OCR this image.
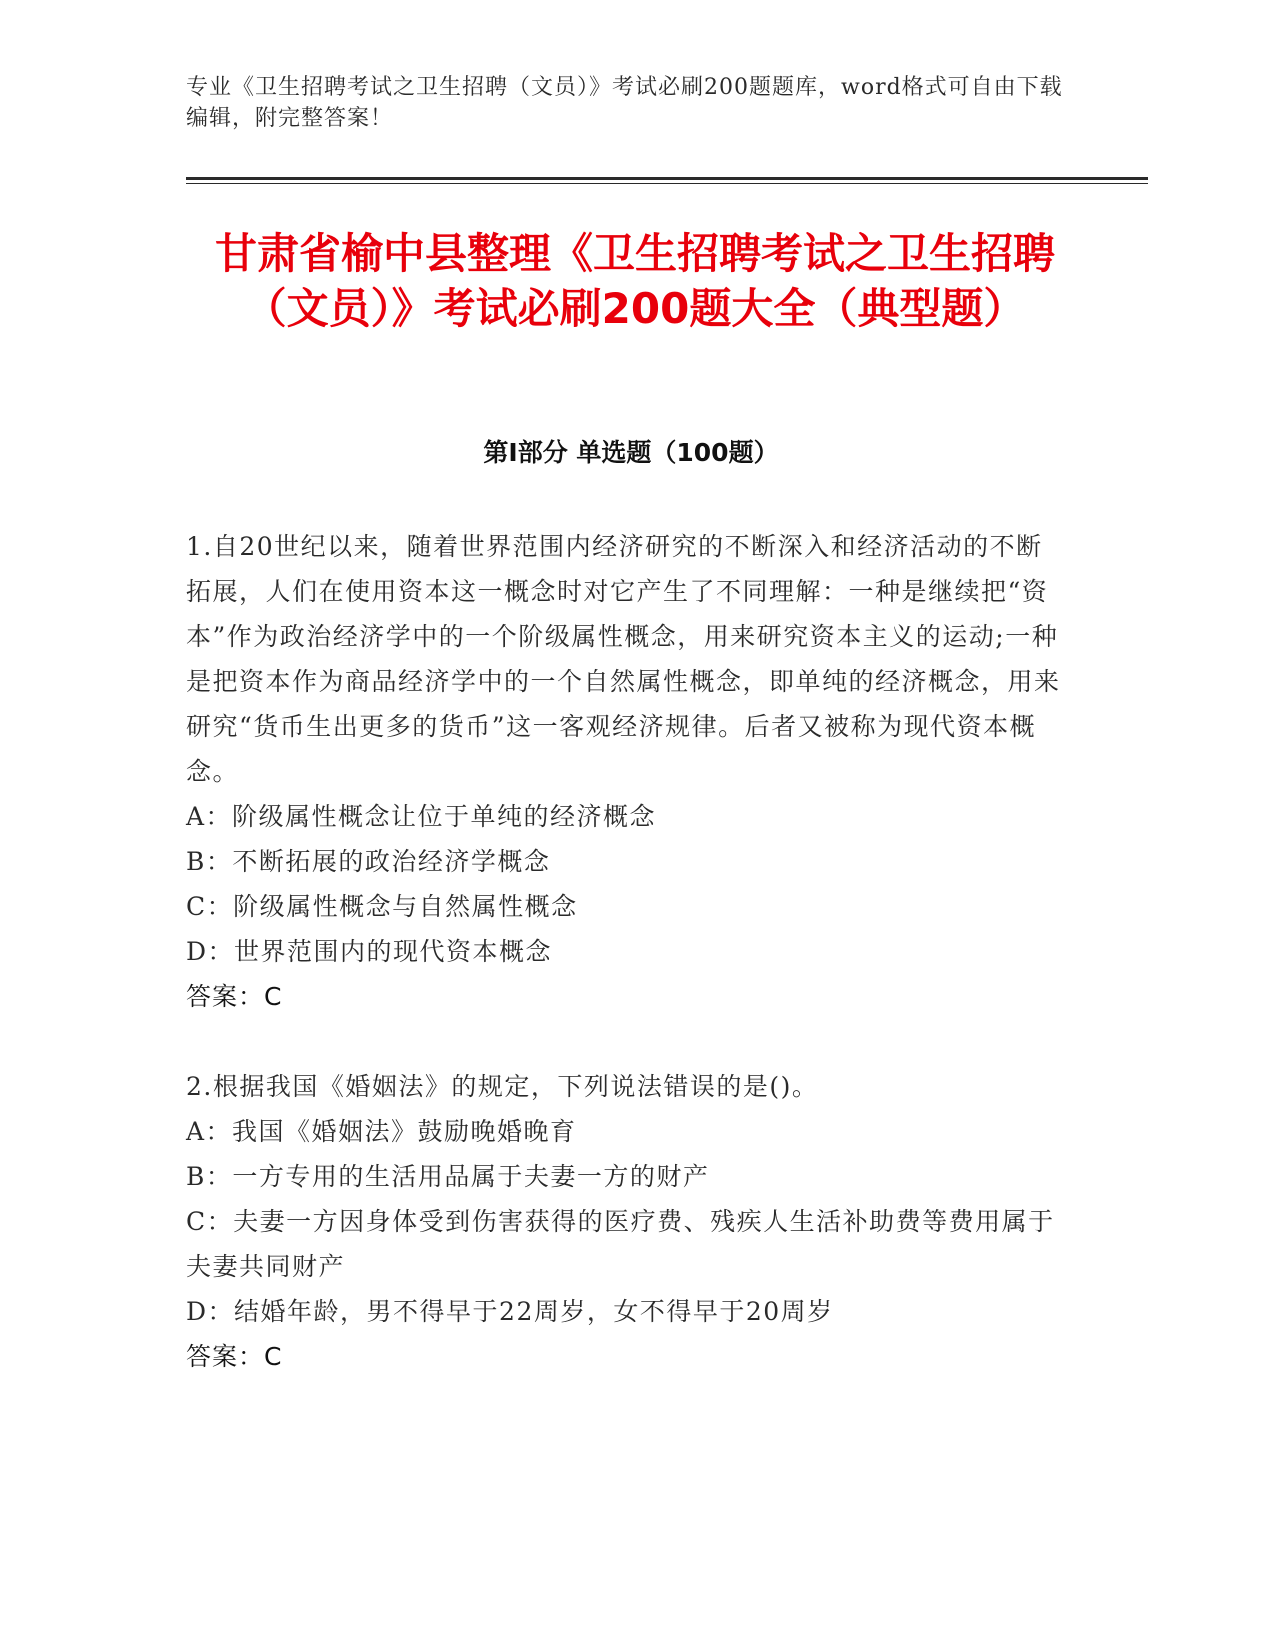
专业《卫生招聘考试之卫生招聘（文员）》考试必刷200题题库，word格式可自由下载编辑，附完整答案！
甘肃省榆中县整理《卫生招聘考试之卫生招聘（文员）》考试必刷200题大全（典型题）
第Ⅰ部分 单选题（100题）

1.自20世纪以来，随着世界范围内经济研究的不断深入和经济活动的不断拓展，人们在使用资本这一概念时对它产生了不同理解：一种是继续把“资本”作为政治经济学中的一个阶级属性概念，用来研究资本主义的运动;一种是把资本作为商品经济学中的一个自然属性概念，即单纯的经济概念，用来研究“货币生出更多的货币”这一客观经济规律。后者又被称为现代资本概念。

A：阶级属性概念让位于单纯的经济概念

B：不断拓展的政治经济学概念

C：阶级属性概念与自然属性概念

D：世界范围内的现代资本概念

答案：C

2.根据我国《婚姻法》的规定，下列说法错误的是()。

A：我国《婚姻法》鼓励晚婚晚育

B：一方专用的生活用品属于夫妻一方的财产

C：夫妻一方因身体受到伤害获得的医疗费、残疾人生活补助费等费用属于夫妻共同财产

D：结婚年龄，男不得早于22周岁，女不得早于20周岁

答案：C
